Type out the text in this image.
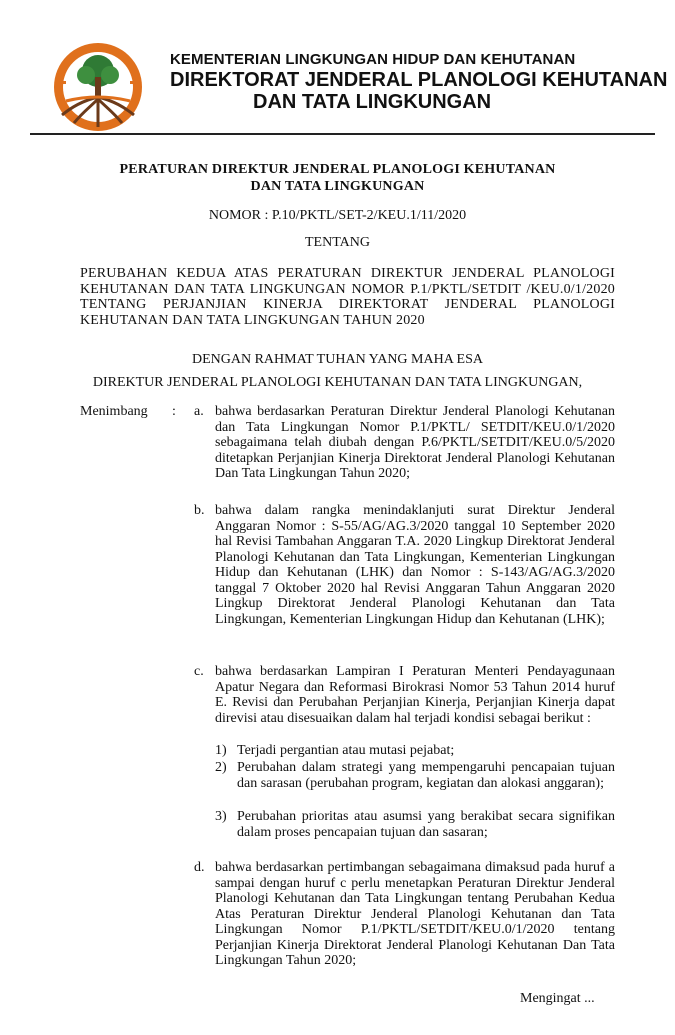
KEMENTERIAN LINGKUNGAN HIDUP DAN KEHUTANAN
DIREKTORAT JENDERAL PLANOLOGI KEHUTANAN
DAN TATA LINGKUNGAN
PERATURAN DIREKTUR JENDERAL PLANOLOGI KEHUTANAN
DAN TATA LINGKUNGAN
NOMOR : P.10/PKTL/SET-2/KEU.1/11/2020
TENTANG
PERUBAHAN KEDUA ATAS PERATURAN DIREKTUR JENDERAL PLANOLOGI KEHUTANAN DAN TATA LINGKUNGAN NOMOR P.1/PKTL/SETDIT /KEU.0/1/2020 TENTANG PERJANJIAN KINERJA DIREKTORAT JENDERAL PLANOLOGI KEHUTANAN DAN TATA LINGKUNGAN TAHUN 2020
DENGAN RAHMAT TUHAN YANG MAHA ESA
DIREKTUR JENDERAL PLANOLOGI KEHUTANAN DAN TATA LINGKUNGAN,
Menimbang : a. bahwa berdasarkan Peraturan Direktur Jenderal Planologi Kehutanan dan Tata Lingkungan Nomor P.1/PKTL/ SETDIT/KEU.0/1/2020 sebagaimana telah diubah dengan P.6/PKTL/SETDIT/KEU.0/5/2020 ditetapkan Perjanjian Kinerja Direktorat Jenderal Planologi Kehutanan Dan Tata Lingkungan Tahun 2020;
b. bahwa dalam rangka menindaklanjuti surat Direktur Jenderal Anggaran Nomor : S-55/AG/AG.3/2020 tanggal 10 September 2020 hal Revisi Tambahan Anggaran T.A. 2020 Lingkup Direktorat Jenderal Planologi Kehutanan dan Tata Lingkungan, Kementerian Lingkungan Hidup dan Kehutanan (LHK) dan Nomor : S-143/AG/AG.3/2020 tanggal 7 Oktober 2020 hal Revisi Anggaran Tahun Anggaran 2020 Lingkup Direktorat Jenderal Planologi Kehutanan dan Tata Lingkungan, Kementerian Lingkungan Hidup dan Kehutanan (LHK);
c. bahwa berdasarkan Lampiran I Peraturan Menteri Pendayagunaan Apatur Negara dan Reformasi Birokrasi Nomor 53 Tahun 2014 huruf E. Revisi dan Perubahan Perjanjian Kinerja, Perjanjian Kinerja dapat direvisi atau disesuaikan dalam hal terjadi kondisi sebagai berikut :
1) Terjadi pergantian atau mutasi pejabat;
2) Perubahan dalam strategi yang mempengaruhi pencapaian tujuan dan sarasan (perubahan program, kegiatan dan alokasi anggaran);
3) Perubahan prioritas atau asumsi yang berakibat secara signifikan dalam proses pencapaian tujuan dan sasaran;
d. bahwa berdasarkan pertimbangan sebagaimana dimaksud pada huruf a sampai dengan huruf c perlu menetapkan Peraturan Direktur Jenderal Planologi Kehutanan dan Tata Lingkungan tentang Perubahan Kedua Atas Peraturan Direktur Jenderal Planologi Kehutanan dan Tata Lingkungan Nomor P.1/PKTL/SETDIT/KEU.0/1/2020 tentang Perjanjian Kinerja Direktorat Jenderal Planologi Kehutanan Dan Tata Lingkungan Tahun 2020;
Mengingat ...
